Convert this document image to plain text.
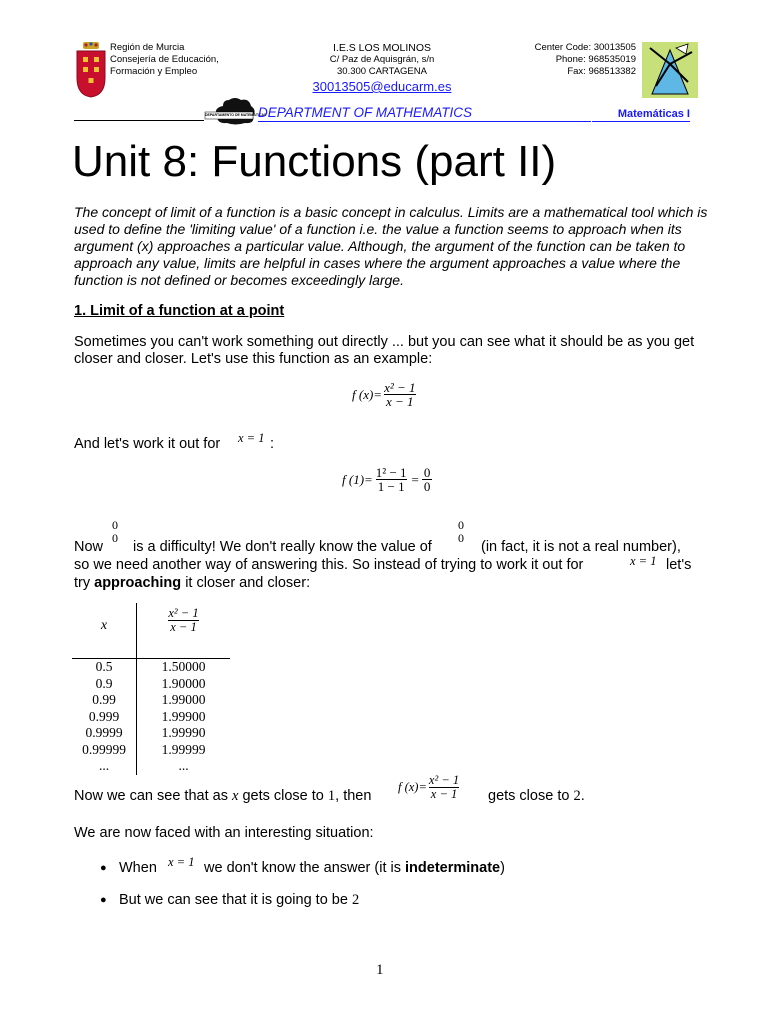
Región de Murcia
Consejería de Educación,
Formación y Empleo
I.E.S LOS MOLINOS
C/ Paz de Aquisgrán, s/n
30.300 CARTAGENA
30013505@educarm.es
Center Code: 30013505
Phone: 968535019
Fax: 968513382
DEPARTAMENTO DE MATEMÁTICAS
DEPARTMENT OF MATHEMATICS	Matemáticas I
Unit 8: Functions (part II)
The concept of limit of a function is a basic concept in calculus. Limits are a mathematical tool which is used to define the 'limiting value' of a function i.e. the value a function seems to approach when its argument (x) approaches a particular value. Although, the argument of the function can be taken to approach any value, limits are helpful in cases where the argument approaches a value where the function is not defined or becomes exceedingly large.
1. Limit of a function at a point
Sometimes you can't work something out directly ... but you can see what it should be as you get closer and closer. Let's use this function as an example:
f $(x)= \frac{\text{x² − 1}}{x - 1}$
And let's work it out for x = 1 :
f $(1)= \frac{\text{1² − 1}}{1 - 1} = \frac{0}{0}$
Now
0
0
is a difficulty! We don't really know the value of
0
0
(in fact, it is not a real number),
so we need another way of answering this. So instead of trying to work it out for	x = 1 let's
try approaching it closer and closer:
x	$\frac{\text{x² − 1}}{x - 1}$
0.5	1.50000
0.9	1.90000
0.99	1.99000
0.999	1.99900
0.9999	1.99990
0.99999	1.99999
...	...
Now we can see that as x gets close to 1, then
f $(x)= \frac{\text{x² − 1}}{x - 1}$ gets close to 2.
We are now faced with an interesting situation:
● When x = 1 we don't know the answer (it is indeterminate)
● But we can see that it is going to be 2
1
